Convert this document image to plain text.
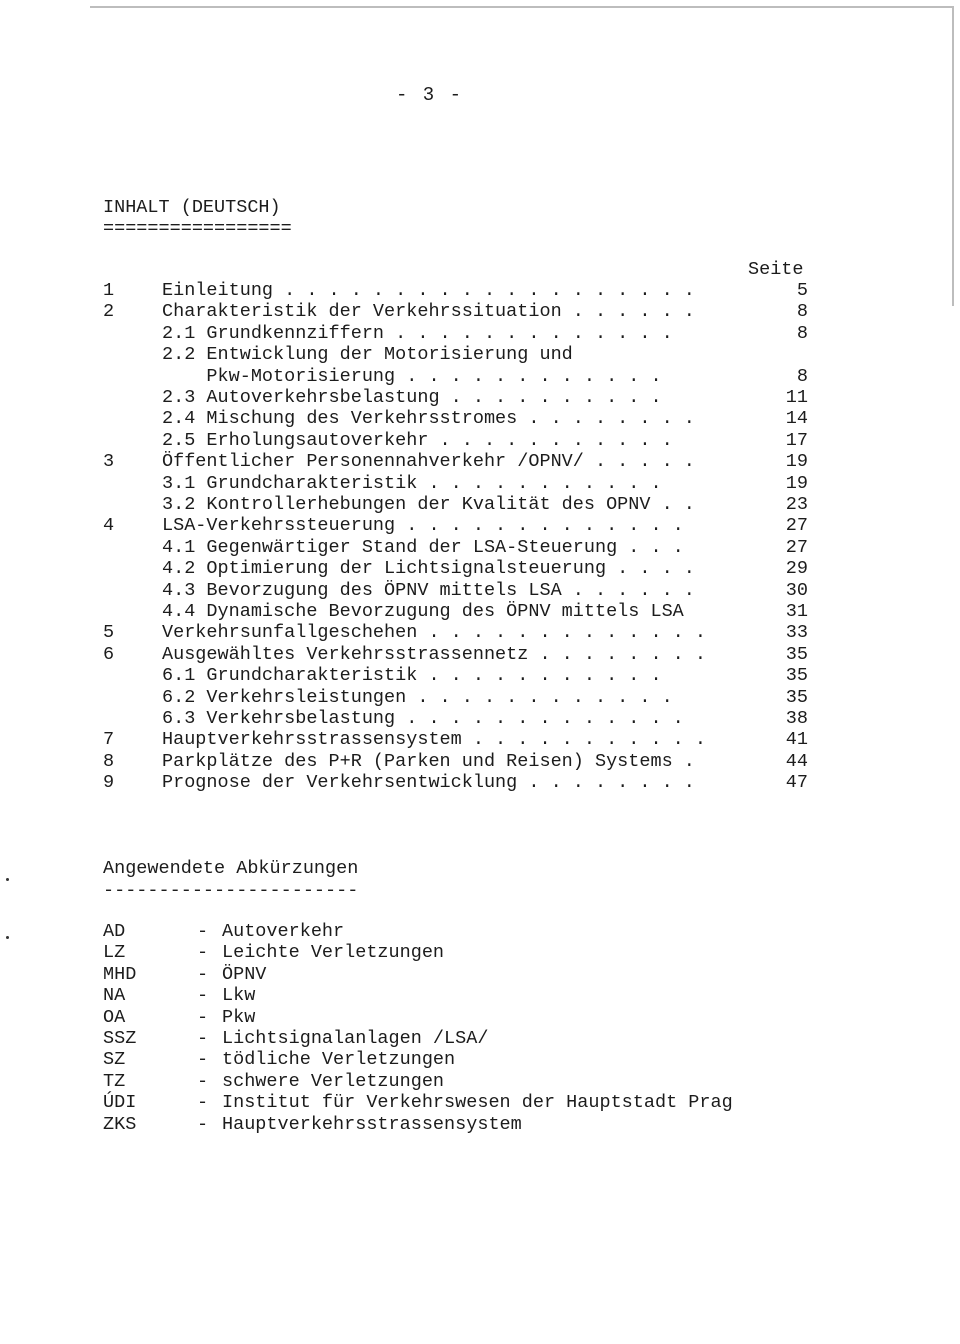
- 3 -
INHALT (DEUTSCH)
=================
Seite
1	Einleitung . . . . . . . . . . . . . . . . . . .	5
2	Charakteristik der Verkehrssituation . . . . . .	8
2.1 Grundkennziffern . . . . . . . . . . . . .	8
2.2 Entwicklung der Motorisierung und
Pkw-Motorisierung . . . . . . . . . . . .	8
2.3 Autoverkehrsbelastung . . . . . . . . . .	11
2.4 Mischung des Verkehrsstromes . . . . . . . .	14
2.5 Erholungsautoverkehr . . . . . . . . . . .	17
3	Öffentlicher Personennahverkehr /OPNV/ . . . . .	19
3.1 Grundcharakteristik . . . . . . . . . . .	19
3.2 Kontrollerhebungen der Kvalität des OPNV . .	23
4	LSA-Verkehrssteuerung . . . . . . . . . . . . .	27
4.1 Gegenwärtiger Stand der LSA-Steuerung . . .	27
4.2 Optimierung der Lichtsignalsteuerung . . . .	29
4.3 Bevorzugung des ÖPNV mittels LSA . . . . . .	30
4.4 Dynamische Bevorzugung des ÖPNV mittels LSA	31
5	Verkehrsunfallgeschehen . . . . . . . . . . . . .	33
6	Ausgewähltes Verkehrsstrassennetz . . . . . . . .	35
6.1 Grundcharakteristik . . . . . . . . . . .	35
6.2 Verkehrsleistungen . . . . . . . . . . . .	35
6.3 Verkehrsbelastung . . . . . . . . . . . . .	38
7	Hauptverkehrsstrassensystem . . . . . . . . . . .	41
8	Parkplätze des P+R (Parken und Reisen) Systems .	44
9	Prognose der Verkehrsentwicklung . . . . . . . .	47
Angewendete Abkürzungen
-----------------------
AD	- Autoverkehr
LZ	- Leichte Verletzungen
MHD	- ÖPNV
NA	- Lkw
OA	- Pkw
SSZ	- Lichtsignalanlagen /LSA/
SZ	- tödliche Verletzungen
TZ	- schwere Verletzungen
ÚDI	- Institut für Verkehrswesen der Hauptstadt Prag
ZKS	- Hauptverkehrsstrassensystem
